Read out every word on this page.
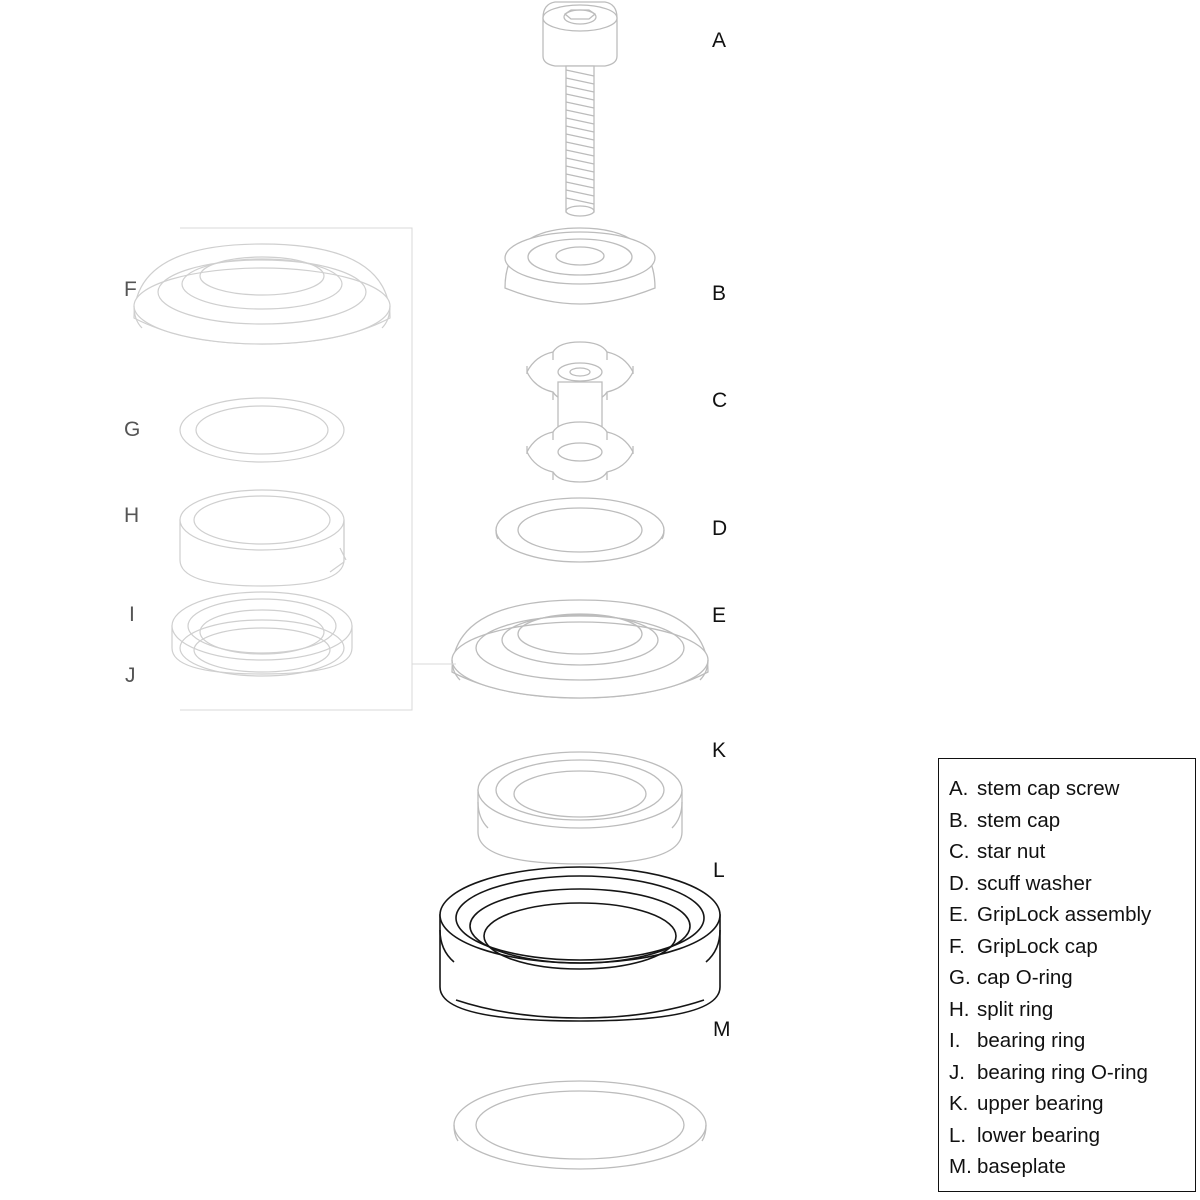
A
B
C
D
E
F
G
H
I
J
K
L
M
A. stem cap screw
B. stem cap
C. star nut
D. scuff washer
E. GripLock assembly
F. GripLock cap
G. cap O-ring
H. split ring
I. bearing ring
J. bearing ring O-ring
K. upper bearing
L. lower bearing
M. baseplate
